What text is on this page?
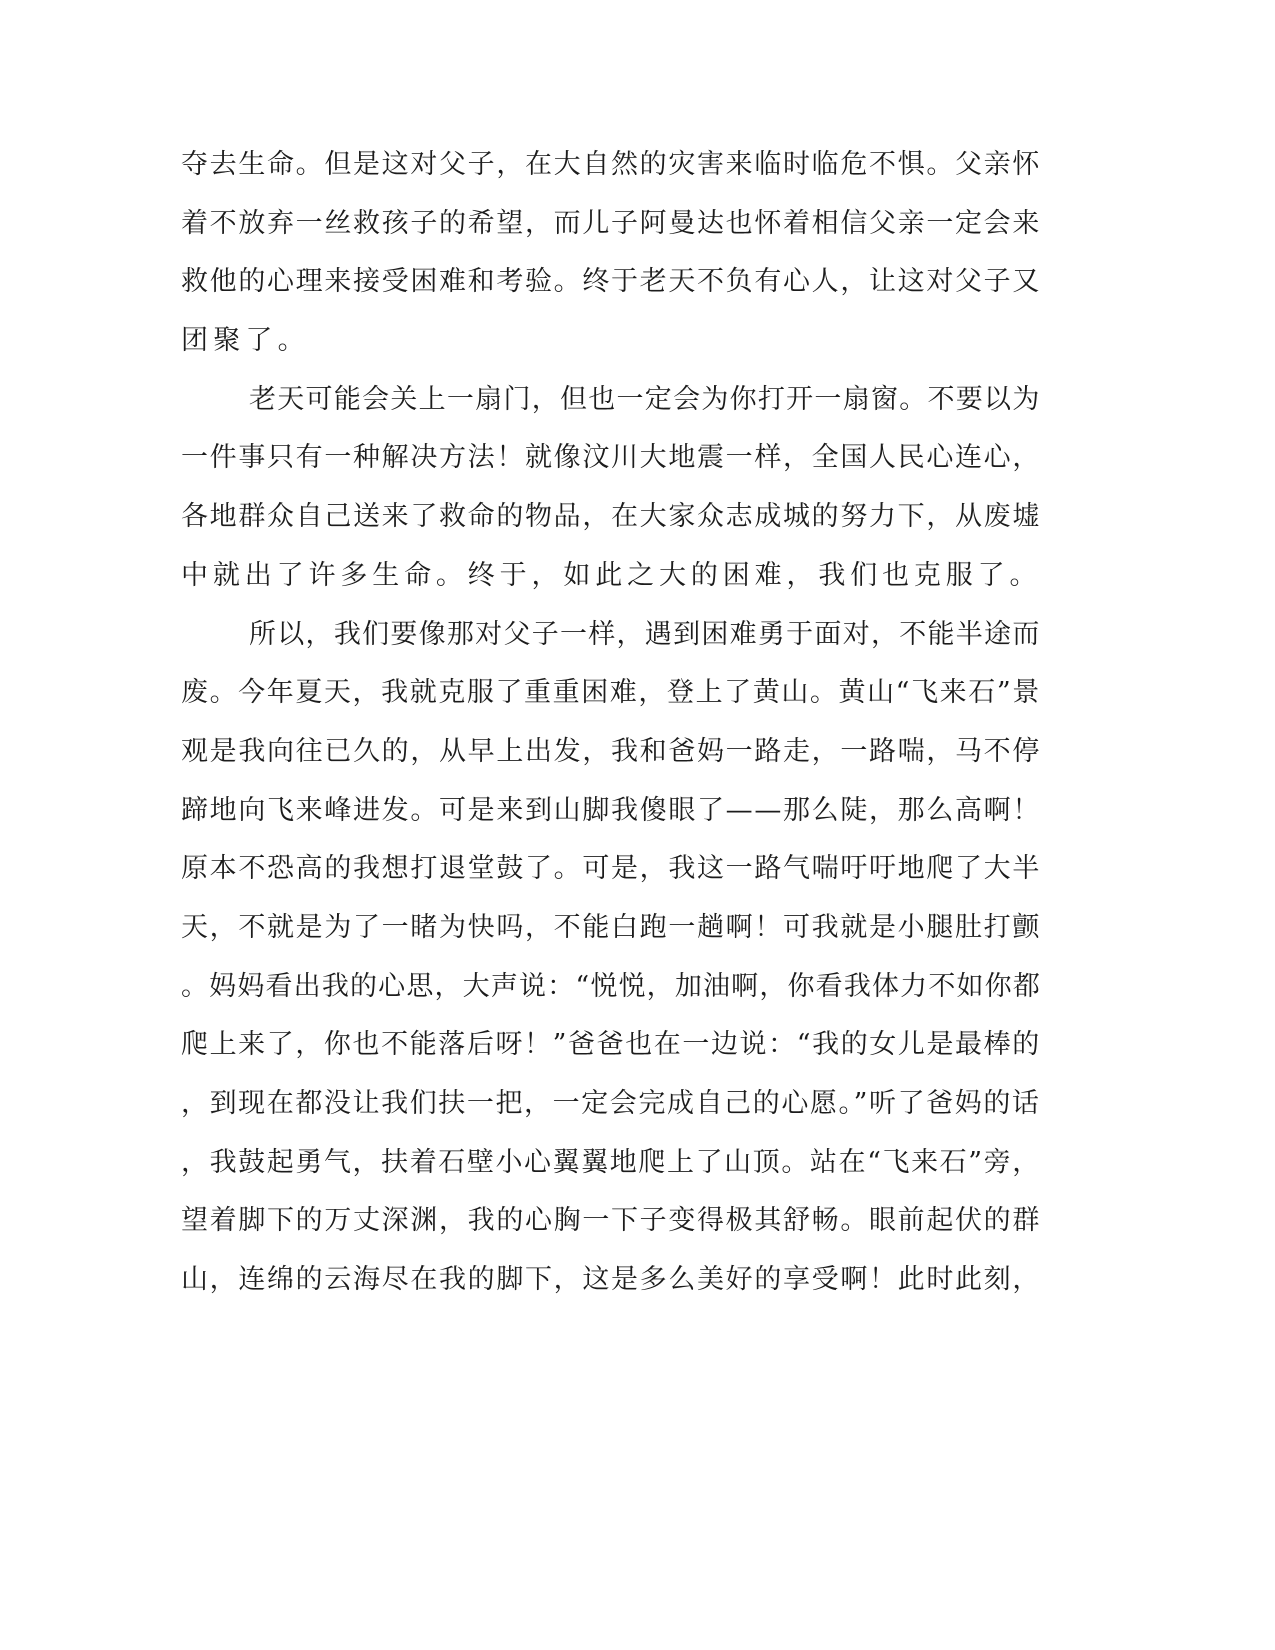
夺去生命。但是这对父子，在大自然的灾害来临时临危不惧。父亲怀
着不放弃一丝救孩子的希望，而儿子阿曼达也怀着相信父亲一定会来
救他的心理来接受困难和考验。终于老天不负有心人，让这对父子又
团聚了。
老天可能会关上一扇门，但也一定会为你打开一扇窗。不要以为
一件事只有一种解决方法！就像汶川大地震一样，全国人民心连心，
各地群众自己送来了救命的物品，在大家众志成城的努力下，从废墟
中就出了许多生命。终于，如此之大的困难，我们也克服了。
所以，我们要像那对父子一样，遇到困难勇于面对，不能半途而
废。今年夏天，我就克服了重重困难，登上了黄山。黄山“飞来石”景
观是我向往已久的，从早上出发，我和爸妈一路走，一路喘，马不停
蹄地向飞来峰进发。可是来到山脚我傻眼了——那么陡，那么高啊！
原本不恐高的我想打退堂鼓了。可是，我这一路气喘吁吁地爬了大半
天，不就是为了一睹为快吗，不能白跑一趟啊！可我就是小腿肚打颤
。妈妈看出我的心思，大声说：“悦悦，加油啊，你看我体力不如你都
爬上来了，你也不能落后呀！”爸爸也在一边说：“我的女儿是最棒的
，到现在都没让我们扶一把，一定会完成自己的心愿。”听了爸妈的话
，我鼓起勇气，扶着石壁小心翼翼地爬上了山顶。站在“飞来石”旁，
望着脚下的万丈深渊，我的心胸一下子变得极其舒畅。眼前起伏的群
山，连绵的云海尽在我的脚下，这是多么美好的享受啊！此时此刻，
